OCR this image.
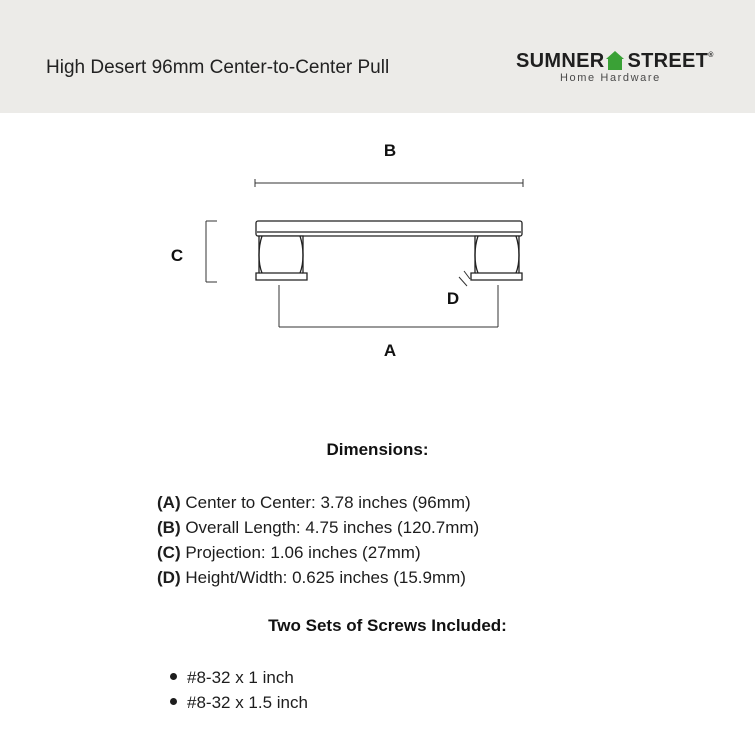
High Desert 96mm Center-to-Center Pull	SUMNER STREET®
Home Hardware
B
C
D
A
Dimensions:
(A) Center to Center: 3.78 inches (96mm)
(B) Overall Length: 4.75 inches (120.7mm)
(C) Projection: 1.06 inches (27mm)
(D) Height/Width: 0.625 inches (15.9mm)
Two Sets of Screws Included:
#8-32 x 1 inch
#8-32 x 1.5 inch
